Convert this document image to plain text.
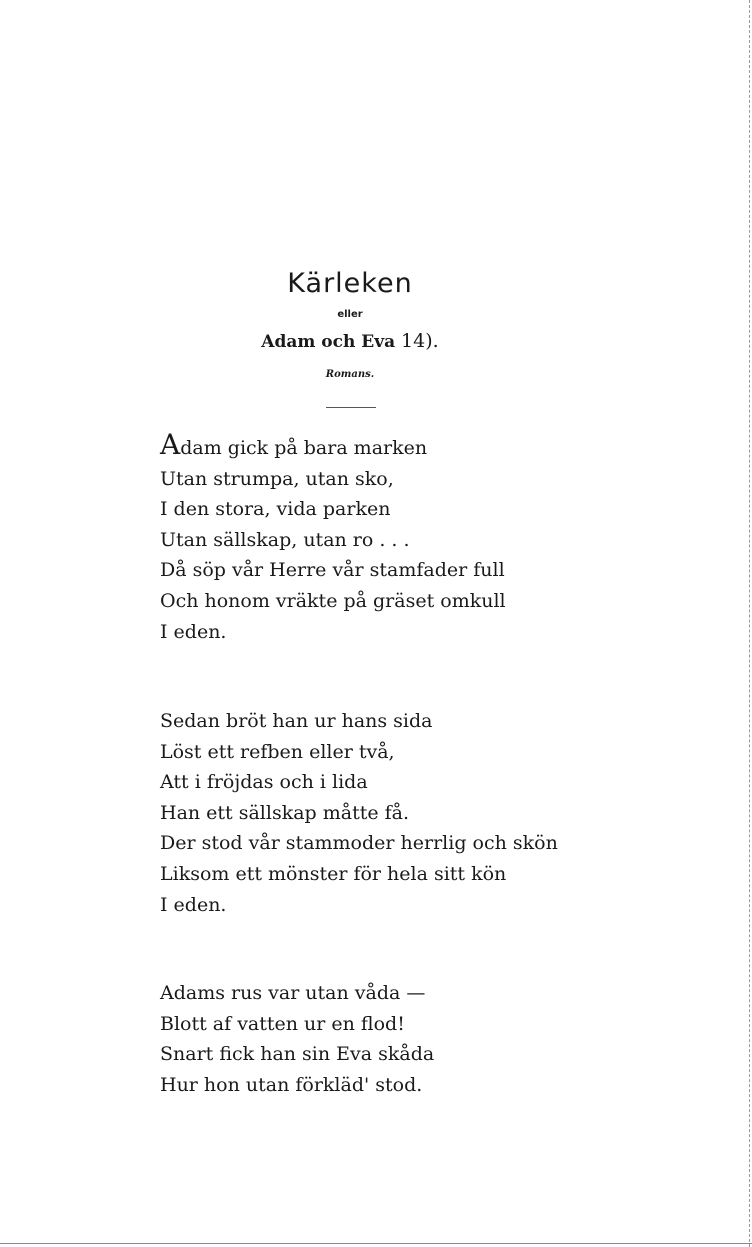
Kärleken
eller
Adam och Eva 14).
Romans.
Adam gick på bara marken
Utan strumpa, utan sko,
I den stora, vida parken
Utan sällskap, utan ro . . .
Då söp vår Herre vår stamfader full
Och honom vräkte på gräset omkull
I eden.
Sedan bröt han ur hans sida
Löst ett refben eller två,
Att i fröjdas och i lida
Han ett sällskap måtte få.
Der stod vår stammoder herrlig och skön
Liksom ett mönster för hela sitt kön
I eden.
Adams rus var utan våda —
Blott af vatten ur en flod!
Snart fick han sin Eva skåda
Hur hon utan förkläd' stod.
